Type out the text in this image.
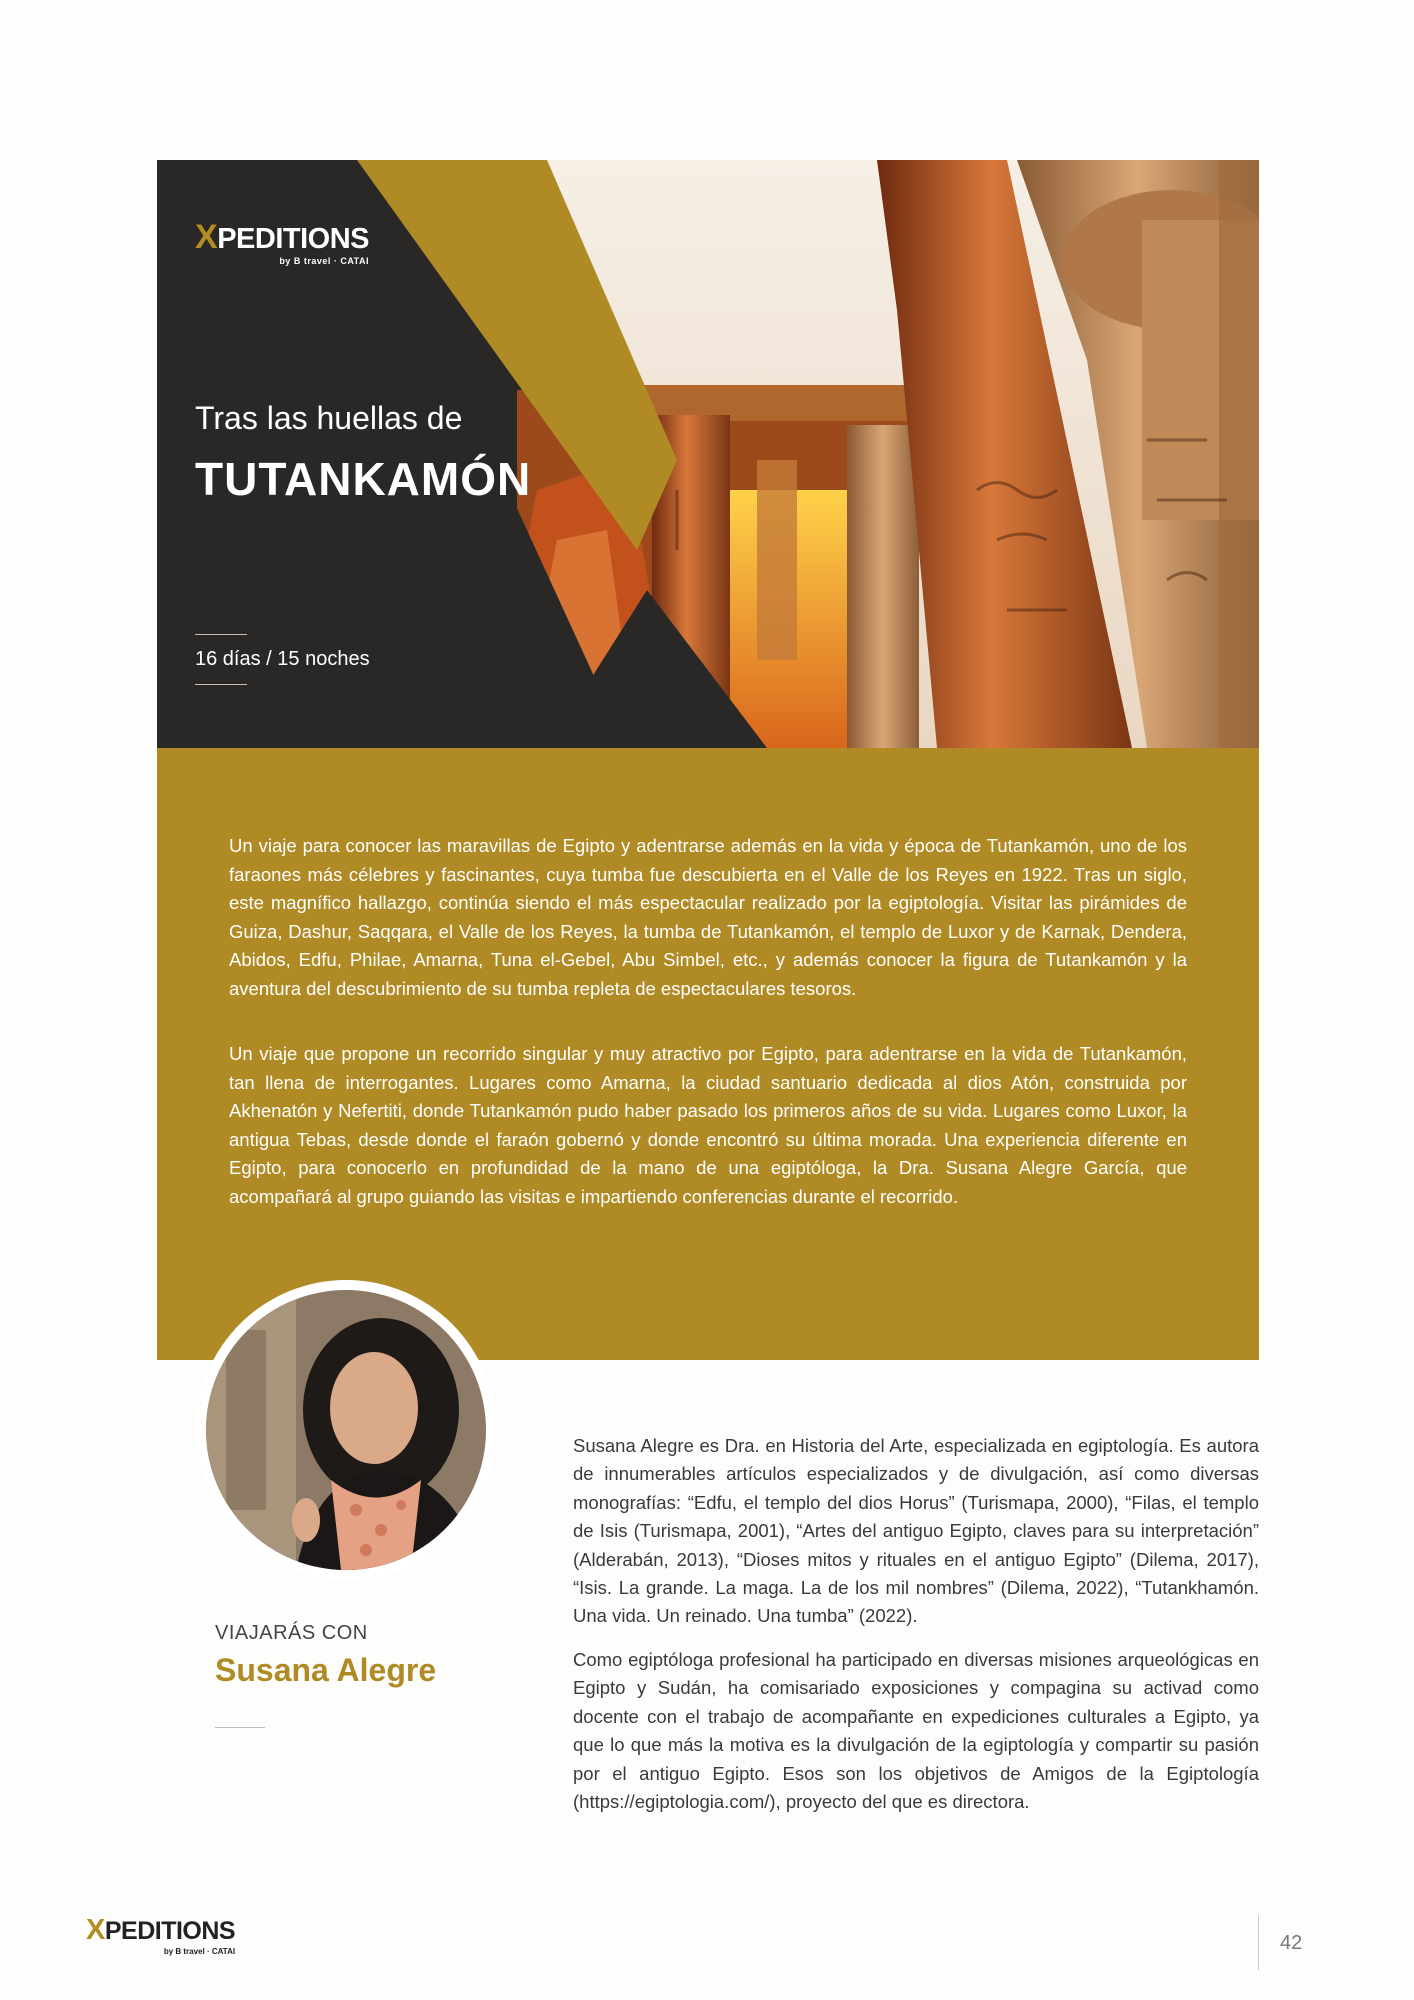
XPEDITIONS
by B travel · CATAI
Tras las huellas de
TUTANKAMÓN
16 días / 15 noches

Un viaje para conocer las maravillas de Egipto y adentrarse además en la vida y época de Tutankamón, uno de los faraones más célebres y fascinantes, cuya tumba fue descubierta en el Valle de los Reyes en 1922. Tras un siglo, este magnífico hallazgo, continúa siendo el más espectacular realizado por la egiptología. Visitar las pirámides de Guiza, Dashur, Saqqara, el Valle de los Reyes, la tumba de Tutankamón, el templo de Luxor y de Karnak, Dendera, Abidos, Edfu, Philae, Amarna, Tuna el-Gebel, Abu Simbel, etc., y además conocer la figura de Tutankamón y la aventura del descubrimiento de su tumba repleta de espectaculares tesoros.

Un viaje que propone un recorrido singular y muy atractivo por Egipto, para adentrarse en la vida de Tutankamón, tan llena de interrogantes. Lugares como Amarna, la ciudad santuario dedicada al dios Atón, construida por Akhenatón y Nefertiti, donde Tutankamón pudo haber pasado los primeros años de su vida. Lugares como Luxor, la antigua Tebas, desde donde el faraón gobernó y donde encontró su última morada. Una experiencia diferente en Egipto, para conocerlo en profundidad de la mano de una egiptóloga, la Dra. Susana Alegre García, que acompañará al grupo guiando las visitas e impartiendo conferencias durante el recorrido.

VIAJARÁS CON
Susana Alegre

Susana Alegre es Dra. en Historia del Arte, especializada en egiptología. Es autora de innumerables artículos especializados y de divulgación, así como diversas monografías: “Edfu, el templo del dios Horus” (Turismapa, 2000), “Filas, el templo de Isis (Turismapa, 2001), “Artes del antiguo Egipto, claves para su interpretación” (Alderabán, 2013), “Dioses mitos y rituales en el antiguo Egipto” (Dilema, 2017), “Isis. La grande. La maga. La de los mil nombres” (Dilema, 2022), “Tutankhamón. Una vida. Un reinado. Una tumba” (2022).

Como egiptóloga profesional ha participado en diversas misiones arqueológicas en Egipto y Sudán, ha comisariado exposiciones y compagina su activad como docente con el trabajo de acompañante en expediciones culturales a Egipto, ya que lo que más la motiva es la divulgación de la egiptología y compartir su pasión por el antiguo Egipto. Esos son los objetivos de Amigos de la Egiptología (https://egiptologia.com/), proyecto del que es directora.

XPEDITIONS
by B travel · CATAI	42
